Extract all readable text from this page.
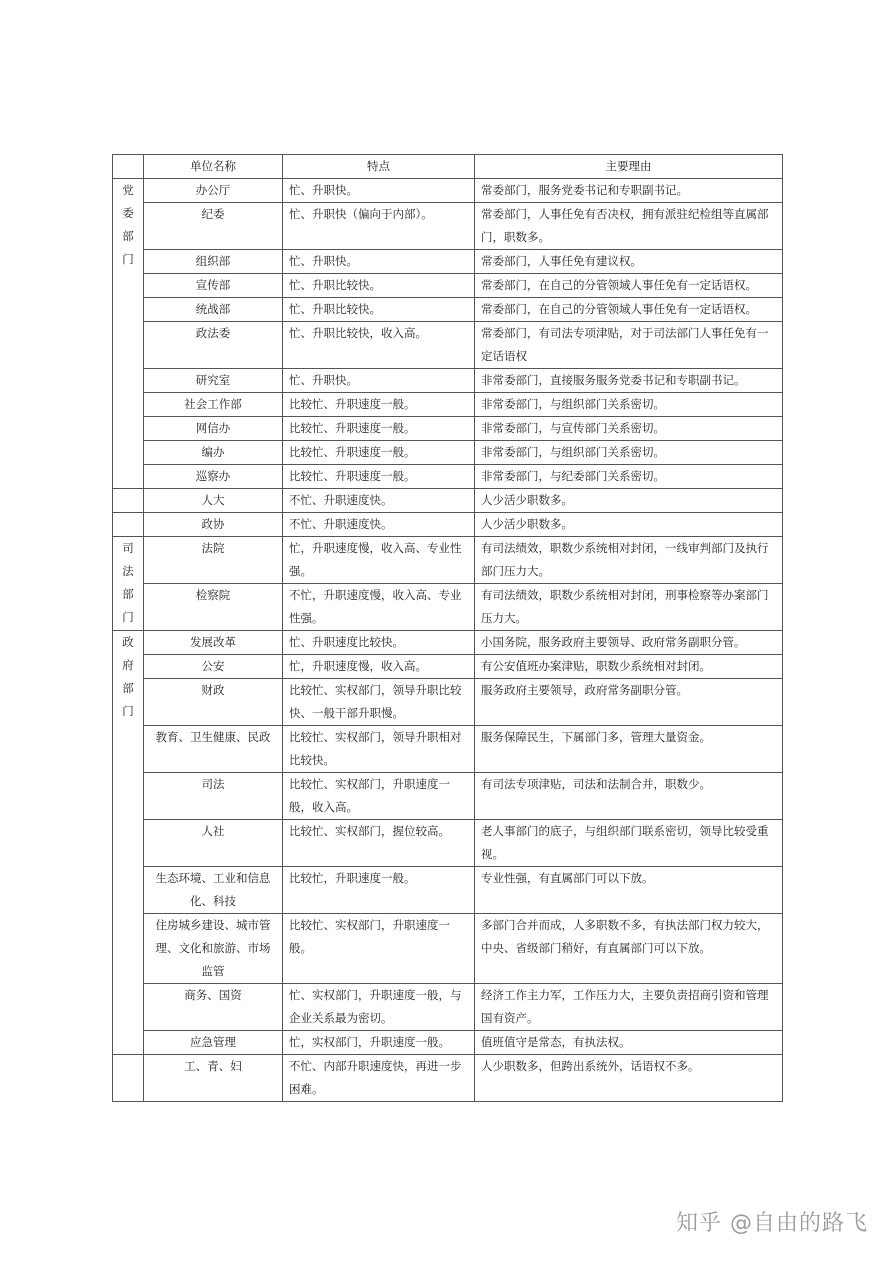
	单位名称	特点	主要理由

党委部门	办公厅	忙、升职快。	常委部门，服务党委书记和专职副书记。
	纪委	忙、升职快（偏向于内部）。	常委部门，人事任免有否决权，拥有派驻纪检组等直属部门，职数多。
	组织部	忙、升职快。	常委部门，人事任免有建议权。
	宣传部	忙、升职比较快。	常委部门，在自己的分管领域人事任免有一定话语权。
	统战部	忙、升职比较快。	常委部门，在自己的分管领域人事任免有一定话语权。
	政法委	忙、升职比较快，收入高。	常委部门，有司法专项津贴，对于司法部门人事任免有一定话语权
	研究室	忙、升职快。	非常委部门，直接服务服务党委书记和专职副书记。
	社会工作部	比较忙、升职速度一般。	非常委部门，与组织部门关系密切。
	网信办	比较忙、升职速度一般。	非常委部门，与宣传部门关系密切。
	编办	比较忙、升职速度一般。	非常委部门，与组织部门关系密切。
	巡察办	比较忙、升职速度一般。	非常委部门，与纪委部门关系密切。

	人大	不忙、升职速度快。	人少活少职数多。

	政协	不忙、升职速度快。	人少活少职数多。

司法部门	法院	忙，升职速度慢，收入高、专业性强。	有司法绩效，职数少系统相对封闭，一线审判部门及执行部门压力大。
	检察院	不忙，升职速度慢，收入高、专业性强。	有司法绩效，职数少系统相对封闭，刑事检察等办案部门压力大。

政府部门	发展改革	忙、升职速度比较快。	小国务院，服务政府主要领导、政府常务副职分管。
	公安	忙，升职速度慢，收入高。	有公安值班办案津贴，职数少系统相对封闭。
	财政	比较忙、实权部门，领导升职比较快、一般干部升职慢。	服务政府主要领导，政府常务副职分管。
	教育、卫生健康、民政	比较忙、实权部门，领导升职相对比较快。	服务保障民生，下属部门多，管理大量资金。
	司法	比较忙、实权部门，升职速度一般，收入高。	有司法专项津贴，司法和法制合并，职数少。
	人社	比较忙、实权部门，握位较高。	老人事部门的底子，与组织部门联系密切，领导比较受重视。
	生态环境、工业和信息化、科技	比较忙，升职速度一般。	专业性强，有直属部门可以下放。
	住房城乡建设、城市管理、文化和旅游、市场监管	比较忙、实权部门，升职速度一般。	多部门合并而成，人多职数不多，有执法部门权力较大，中央、省级部门稍好，有直属部门可以下放。
	商务、国资	忙、实权部门，升职速度一般，与企业关系最为密切。	经济工作主力军，工作压力大，主要负责招商引资和管理国有资产。
	应急管理	忙，实权部门，升职速度一般。	值班值守是常态，有执法权。

	工、青、妇	不忙、内部升职速度快，再进一步困难。	人少职数多，但跨出系统外，话语权不多。
知乎 @自由的路飞
